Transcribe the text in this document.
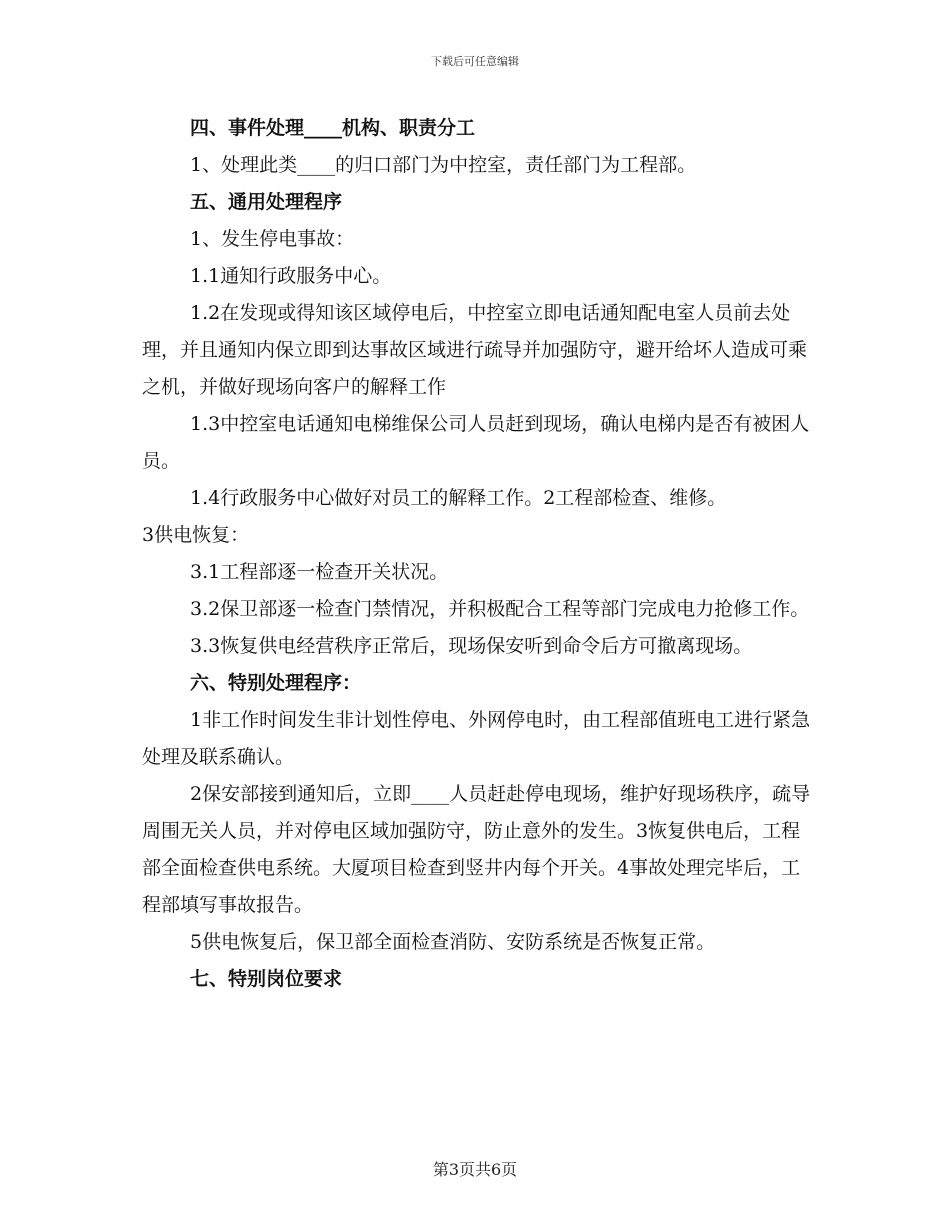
下载后可任意编辑

四、事件处理____机构、职责分工

1、处理此类____的归口部门为中控室，责任部门为工程部。

五、通用处理程序

1、发生停电事故：

1.1通知行政服务中心。

1.2在发现或得知该区域停电后，中控室立即电话通知配电室人员前去处理，并且通知内保立即到达事故区域进行疏导并加强防守，避开给坏人造成可乘之机，并做好现场向客户的解释工作

1.3中控室电话通知电梯维保公司人员赶到现场，确认电梯内是否有被困人员。

1.4行政服务中心做好对员工的解释工作。2工程部检查、维修。

3供电恢复：

3.1工程部逐一检查开关状况。

3.2保卫部逐一检查门禁情况，并积极配合工程等部门完成电力抢修工作。

3.3恢复供电经营秩序正常后，现场保安听到命令后方可撤离现场。

六、特别处理程序：

1非工作时间发生非计划性停电、外网停电时，由工程部值班电工进行紧急处理及联系确认。

2保安部接到通知后，立即____人员赶赴停电现场，维护好现场秩序，疏导周围无关人员，并对停电区域加强防守，防止意外的发生。3恢复供电后，工程部全面检查供电系统。大厦项目检查到竖井内每个开关。4事故处理完毕后，工程部填写事故报告。

5供电恢复后，保卫部全面检查消防、安防系统是否恢复正常。

七、特别岗位要求

第3页共6页
